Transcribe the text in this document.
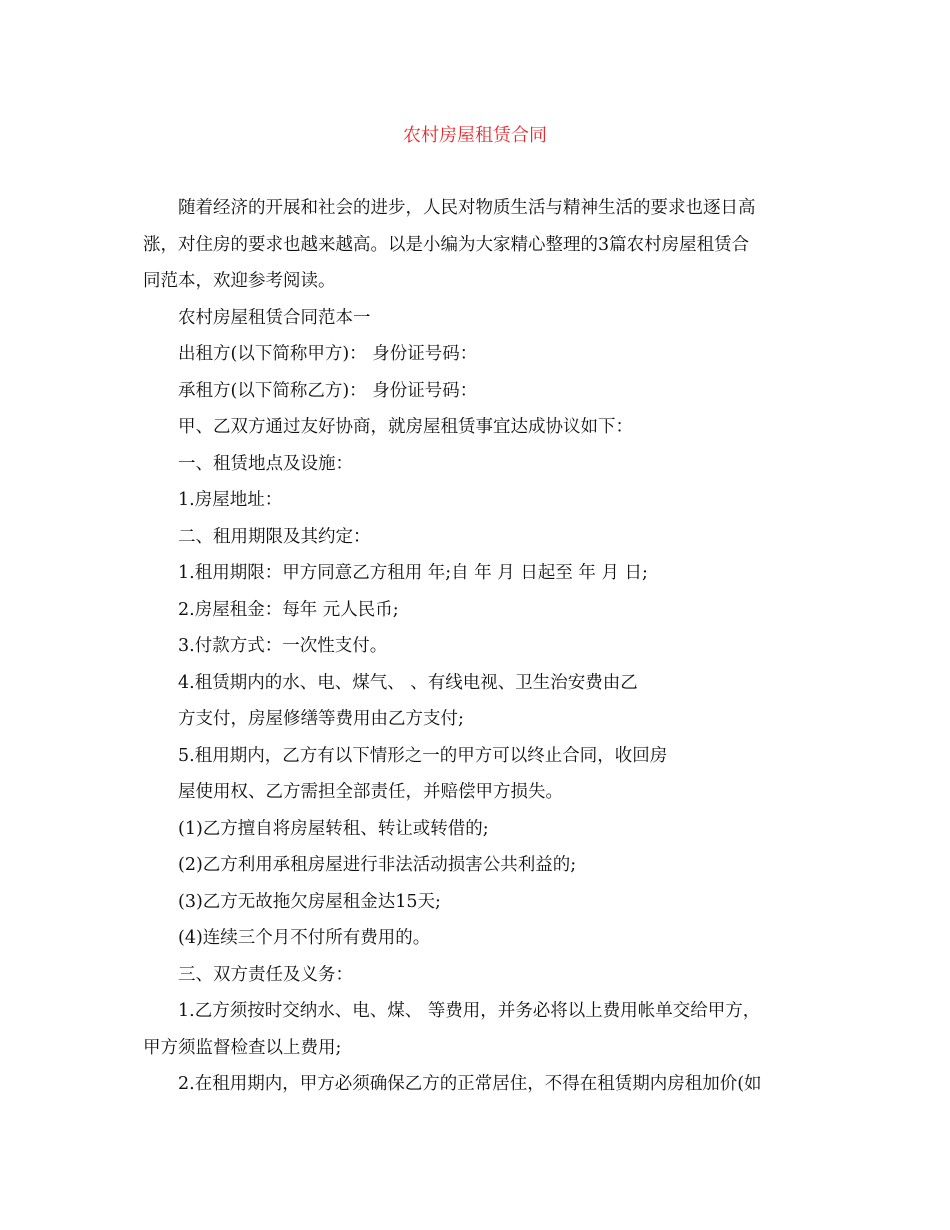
农村房屋租赁合同

随着经济的开展和社会的进步，人民对物质生活与精神生活的要求也逐日高

涨，对住房的要求也越来越高。以是小编为大家精心整理的3篇农村房屋租赁合

同范本，欢迎参考阅读。

农村房屋租赁合同范本一

出租方(以下简称甲方)： 身份证号码：

承租方(以下简称乙方)： 身份证号码：

甲、乙双方通过友好协商，就房屋租赁事宜达成协议如下：

一、租赁地点及设施：

1.房屋地址：

二、租用期限及其约定：

1.租用期限：甲方同意乙方租用 年;自 年 月 日起至 年 月 日;

2.房屋租金：每年 元人民币;

3.付款方式：一次性支付。

4.租赁期内的水、电、煤气、 、有线电视、卫生治安费由乙

方支付，房屋修缮等费用由乙方支付;

5.租用期内，乙方有以下情形之一的甲方可以终止合同，收回房

屋使用权、乙方需担全部责任，并赔偿甲方损失。

(1)乙方擅自将房屋转租、转让或转借的;

(2)乙方利用承租房屋进行非法活动损害公共利益的;

(3)乙方无故拖欠房屋租金达15天;

(4)连续三个月不付所有费用的。

三、双方责任及义务：

1.乙方须按时交纳水、电、煤、 等费用，并务必将以上费用帐单交给甲方，

甲方须监督检查以上费用;

2.在租用期内，甲方必须确保乙方的正常居住，不得在租赁期内房租加价(如
